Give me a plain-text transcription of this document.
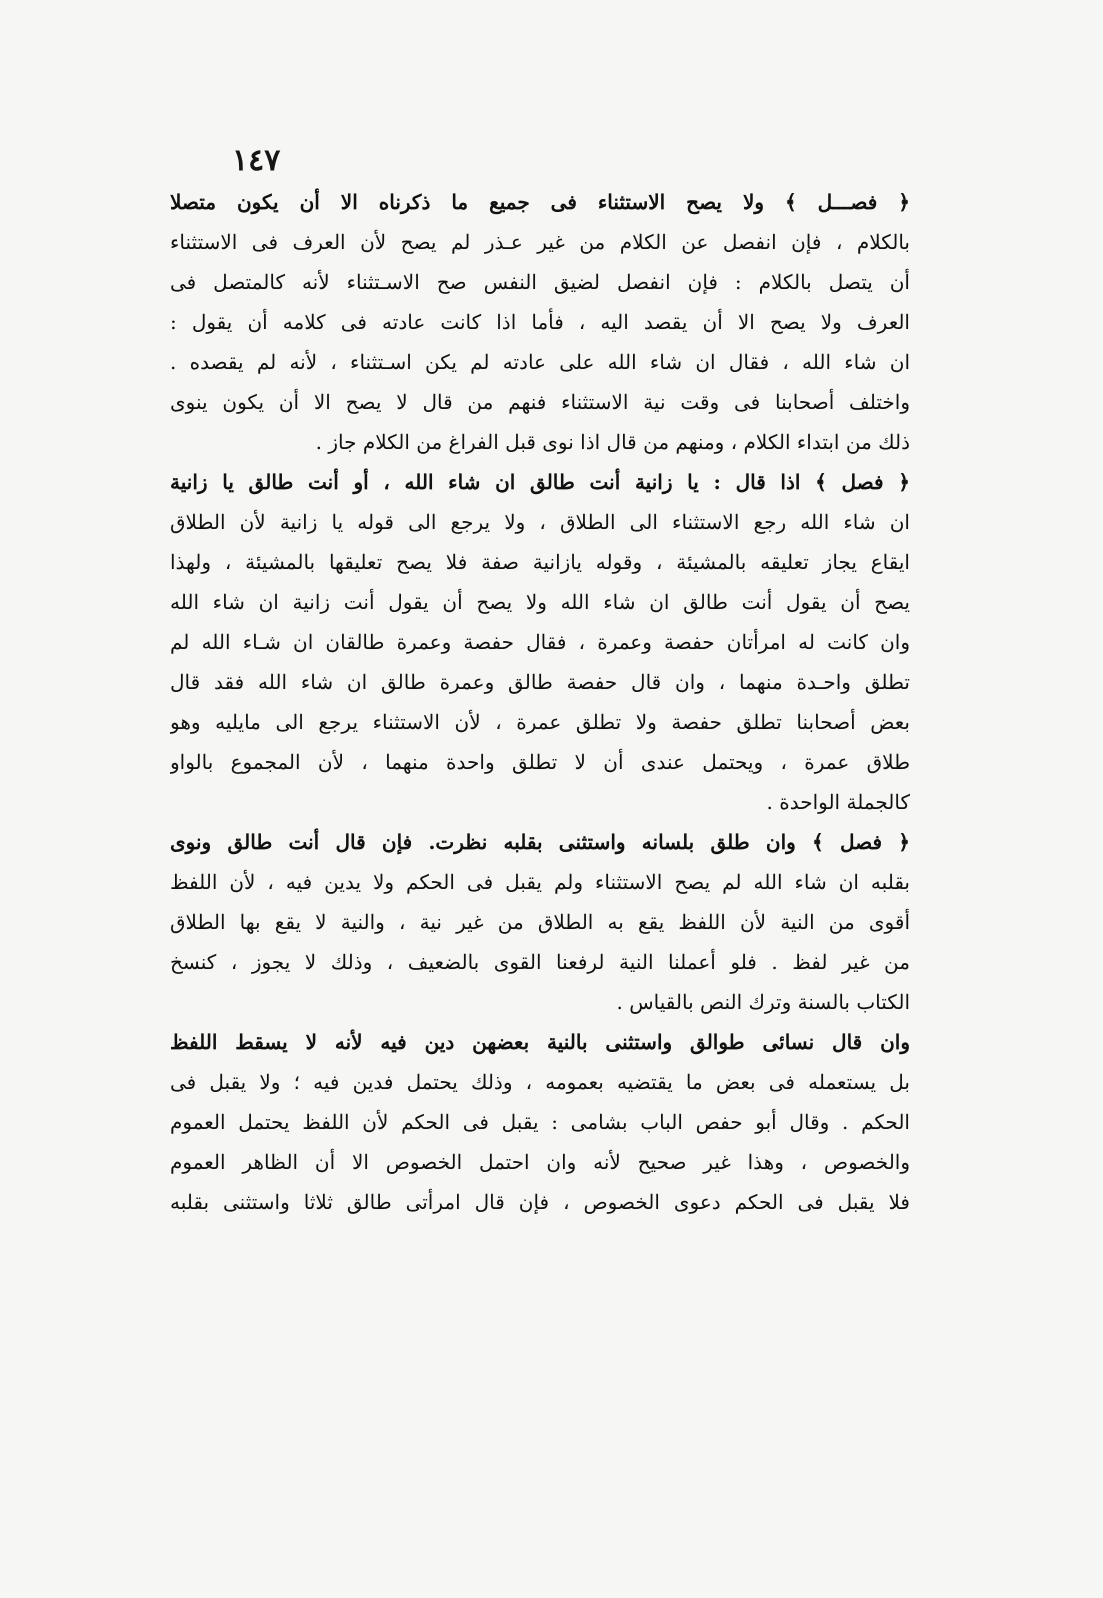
١٤٧
﴿ فصـــل ﴾ ولا يصح الاستثناء فى جميع ما ذكرناه الا أن يكون متصلا
بالكلام ، فإن انفصل عن الكلام من غير عـذر لم يصح لأن العرف فى الاستثناء
أن يتصل بالكلام : فإن انفصل لضيق النفس صح الاسـتثناء لأنه كالمتصل فى
العرف ولا يصح الا أن يقصد اليه ، فأما اذا كانت عادته فى كلامه أن يقول :
ان شاء الله ، فقال ان شاء الله على عادته لم يكن اسـتثناء ، لأنه لم يقصده .
واختلف أصحابنا فى وقت نية الاستثناء فنهم من قال لا يصح الا أن يكون ينوى
ذلك من ابتداء الكلام ، ومنهم من قال اذا نوى قبل الفراغ من الكلام جاز .
﴿ فصل ﴾ اذا قال : يا زانية أنت طالق ان شاء الله ، أو أنت طالق يا زانية
ان شاء الله رجع الاستثناء الى الطلاق ، ولا يرجع الى قوله يا زانية لأن الطلاق
ايقاع يجاز تعليقه بالمشيئة ، وقوله يازانية صفة فلا يصح تعليقها بالمشيئة ، ولهذا
يصح أن يقول أنت طالق ان شاء الله ولا يصح أن يقول أنت زانية ان شاء الله
وان كانت له امرأتان حفصة وعمرة ، فقال حفصة وعمرة طالقان ان شـاء الله لم
تطلق واحـدة منهما ، وان قال حفصة طالق وعمرة طالق ان شاء الله فقد قال
بعض أصحابنا تطلق حفصة ولا تطلق عمرة ، لأن الاستثناء يرجع الى مايليه وهو
طلاق عمرة ، ويحتمل عندى أن لا تطلق واحدة منهما ، لأن المجموع بالواو
كالجملة الواحدة .
﴿ فصل ﴾ وان طلق بلسانه واستثنى بقلبه نظرت. فإن قال أنت طالق ونوى
بقلبه ان شاء الله لم يصح الاستثناء ولم يقبل فى الحكم ولا يدين فيه ، لأن اللفظ
أقوى من النية لأن اللفظ يقع به الطلاق من غير نية ، والنية لا يقع بها الطلاق
من غير لفظ . فلو أعملنا النية لرفعنا القوى بالضعيف ، وذلك لا يجوز ، كنسخ
الكتاب بالسنة وترك النص بالقياس .
وان قال نسائى طوالق واستثنى بالنية بعضهن دين فيه لأنه لا يسقط اللفظ
بل يستعمله فى بعض ما يقتضيه بعمومه ، وذلك يحتمل فدين فيه ؛ ولا يقبل فى
الحكم . وقال أبو حفص الباب بشامى : يقبل فى الحكم لأن اللفظ يحتمل العموم
والخصوص ، وهذا غير صحيح لأنه وان احتمل الخصوص الا أن الظاهر العموم
فلا يقبل فى الحكم دعوى الخصوص ، فإن قال امرأتى طالق ثلاثا واستثنى بقلبه
